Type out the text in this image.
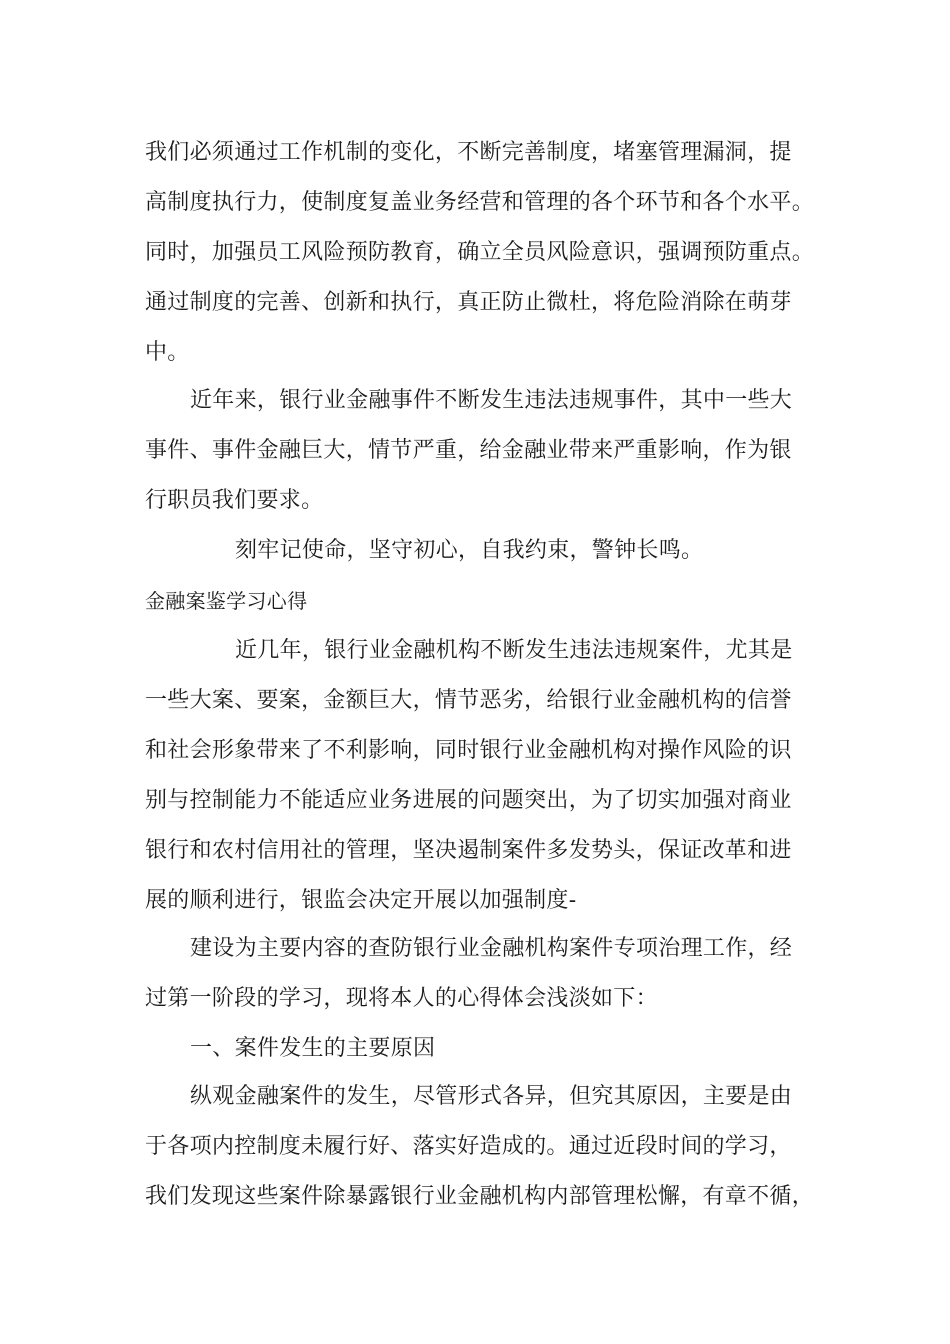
我们必须通过工作机制的变化，不断完善制度，堵塞管理漏洞，提
高制度执行力，使制度复盖业务经营和管理的各个环节和各个水平。
同时，加强员工风险预防教育，确立全员风险意识，强调预防重点。
通过制度的完善、创新和执行，真正防止微杜，将危险消除在萌芽
中。
近年来，银行业金融事件不断发生违法违规事件，其中一些大
事件、事件金融巨大，情节严重，给金融业带来严重影响，作为银
行职员我们要求。
刻牢记使命，坚守初心，自我约束，警钟长鸣。
金融案鉴学习心得
近几年，银行业金融机构不断发生违法违规案件，尤其是
一些大案、要案，金额巨大，情节恶劣，给银行业金融机构的信誉
和社会形象带来了不利影响，同时银行业金融机构对操作风险的识
别与控制能力不能适应业务进展的问题突出，为了切实加强对商业
银行和农村信用社的管理，坚决遏制案件多发势头，保证改革和进
展的顺利进行，银监会决定开展以加强制度-
建设为主要内容的查防银行业金融机构案件专项治理工作，经
过第一阶段的学习，现将本人的心得体会浅淡如下：
一、案件发生的主要原因
纵观金融案件的发生，尽管形式各异，但究其原因，主要是由
于各项内控制度未履行好、落实好造成的。通过近段时间的学习，
我们发现这些案件除暴露银行业金融机构内部管理松懈，有章不循，
